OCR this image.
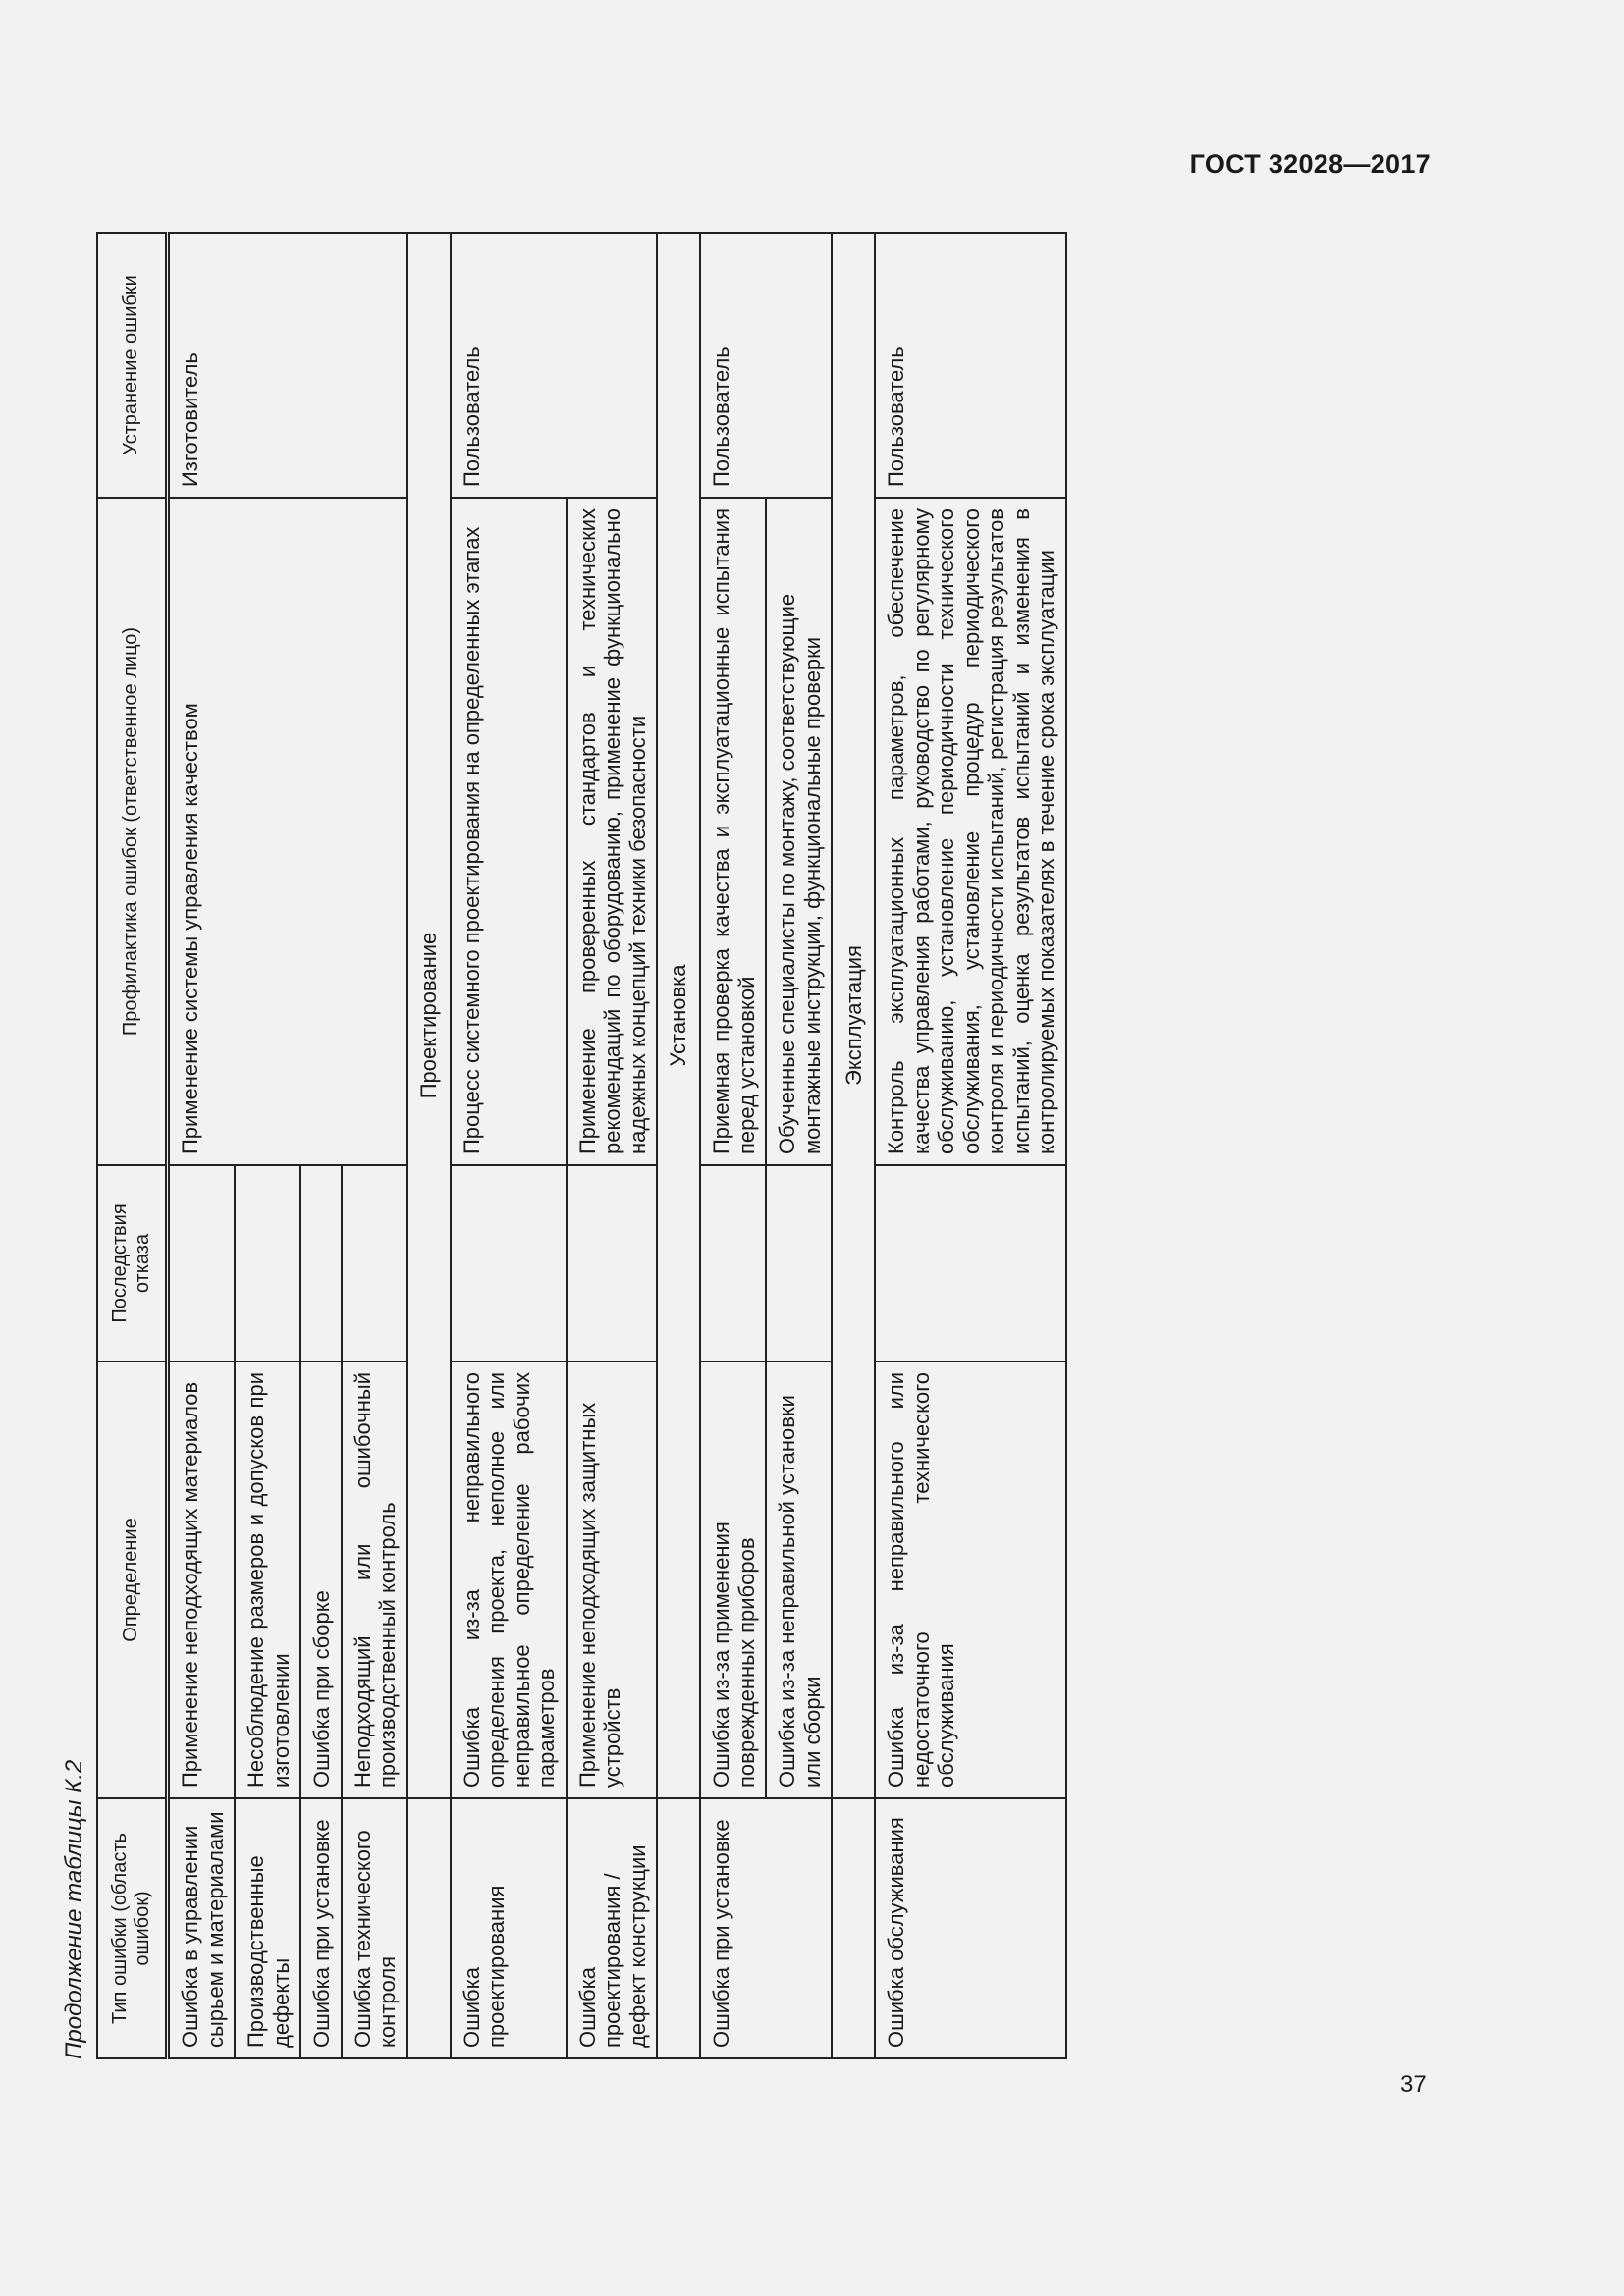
ГОСТ 32028—2017
Продолжение таблицы К.2 Тип ошибки (область ошибок)	Определение	Последствия отказа	Профилактика ошибок (ответственное лицо)	Устранение ошибки
Ошибка в управлении сырьем и материалами	Применение неподходящих материалов		Применение системы управления качеством	Изготовитель
Производственные дефекты	Несоблюдение размеров и допусков при изготовлении			
Ошибка при установке	Ошибка при сборке			
Ошибка технического контроля	Неподходящий или ошибочный производственный контроль			
	Проектирование			
Ошибка проектирования	Ошибка из-за неправильного определения проекта, неполное или неправильное определение рабочих параметров		Процесс системного проектирования на определенных этапах	Пользователь
Ошибка проектирования / дефект конструкции	Применение неподходящих защитных устройств		Применение проверенных стандартов и технических рекомендаций по оборудованию, применение функционально надежных концепций техники безопасности	
	Установка			
Ошибка при установке	Ошибка из-за применения поврежденных приборов		Приемная проверка качества и эксплуатационные испытания перед установкой	Пользователь
	Ошибка из-за неправильной установки или сборки		Обученные специалисты по монтажу, соответствующие монтажные инструкции, функциональные проверки	
	Эксплуатация			
Ошибка обслуживания	Ошибка из-за неправильного или недостаточного технического обслуживания		Контроль эксплуатационных параметров, обеспечение качества управления работами, руководство по регулярному обслуживанию, установление периодичности технического обслуживания, установление процедур периодического контроля и периодичности испытаний, регистрация результатов испытаний, оценка результатов испытаний и изменения в контролируемых показателях в течение срока эксплуатации	Пользователь
37
